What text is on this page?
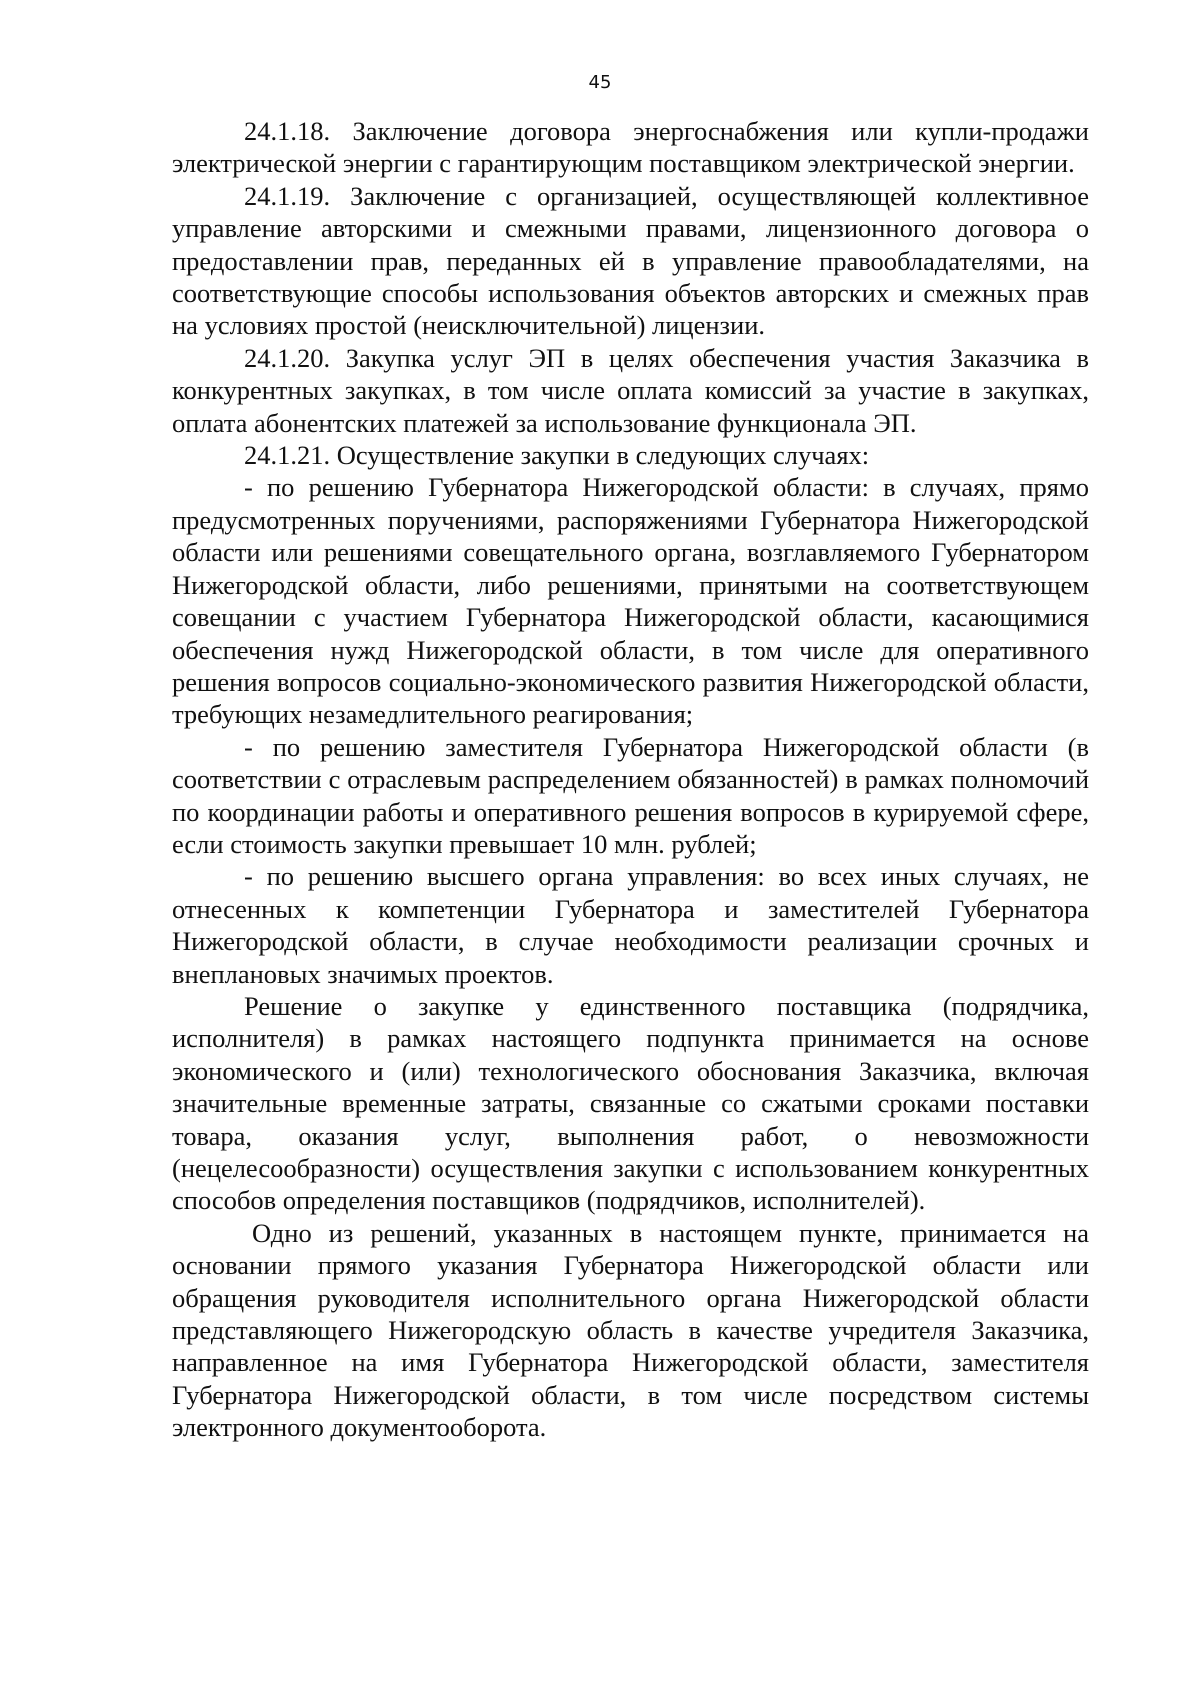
45

24.1.18. Заключение договора энергоснабжения или купли-продажи электрической энергии с гарантирующим поставщиком электрической энергии.

24.1.19. Заключение с организацией, осуществляющей коллективное управление авторскими и смежными правами, лицензионного договора о предоставлении прав, переданных ей в управление правообладателями, на соответствующие способы использования объектов авторских и смежных прав на условиях простой (неисключительной) лицензии.

24.1.20. Закупка услуг ЭП в целях обеспечения участия Заказчика в конкурентных закупках, в том числе оплата комиссий за участие в закупках, оплата абонентских платежей за использование функционала ЭП.

24.1.21. Осуществление закупки в следующих случаях:

- по решению Губернатора Нижегородской области: в случаях, прямо предусмотренных поручениями, распоряжениями Губернатора Нижегородской области или решениями совещательного органа, возглавляемого Губернатором Нижегородской области, либо решениями, принятыми на соответствующем совещании с участием Губернатора Нижегородской области, касающимися обеспечения нужд Нижегородской области, в том числе для оперативного решения вопросов социально-экономического развития Нижегородской области, требующих незамедлительного реагирования;

- по решению заместителя Губернатора Нижегородской области (в соответствии с отраслевым распределением обязанностей) в рамках полномочий по координации работы и оперативного решения вопросов в курируемой сфере, если стоимость закупки превышает 10 млн. рублей;

- по решению высшего органа управления: во всех иных случаях, не отнесенных к компетенции Губернатора и заместителей Губернатора Нижегородской области, в случае необходимости реализации срочных и внеплановых значимых проектов.

Решение о закупке у единственного поставщика (подрядчика, исполнителя) в рамках настоящего подпункта принимается на основе экономического и (или) технологического обоснования Заказчика, включая значительные временные затраты, связанные со сжатыми сроками поставки товара, оказания услуг, выполнения работ, о невозможности (нецелесообразности) осуществления закупки с использованием конкурентных способов определения поставщиков (подрядчиков, исполнителей).

Одно из решений, указанных в настоящем пункте, принимается на основании прямого указания Губернатора Нижегородской области или обращения руководителя исполнительного органа Нижегородской области представляющего Нижегородскую область в качестве учредителя Заказчика, направленное на имя Губернатора Нижегородской области, заместителя Губернатора Нижегородской области, в том числе посредством системы электронного документооборота.
